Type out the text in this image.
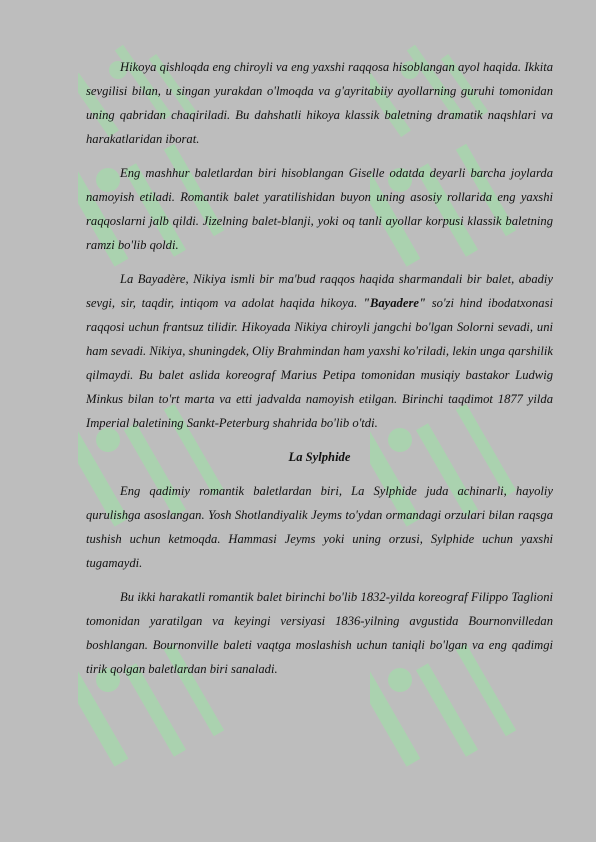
Hikoya qishloqda eng chiroyli va eng yaxshi raqqosa hisoblangan ayol haqida. Ikkita sevgilisi bilan, u singan yurakdan o'lmoqda va g'ayritabiiy ayollarning guruhi tomonidan uning qabridan chaqiriladi. Bu dahshatli hikoya klassik baletning dramatik naqshlari va harakatlaridan iborat.

Eng mashhur baletlardan biri hisoblangan Giselle odatda deyarli barcha joylarda namoyish etiladi. Romantik balet yaratilishidan buyon uning asosiy rollarida eng yaxshi raqqoslarni jalb qildi. Jizelning balet-blanji, yoki oq tanli ayollar korpusi klassik baletning ramzi bo'lib qoldi.

La Bayadère, Nikiya ismli bir ma'bud raqqos haqida sharmandali bir balet, abadiy sevgi, sir, taqdir, intiqom va adolat haqida hikoya. "Bayadere" so'zi hind ibodatxonasi raqqosi uchun frantsuz tilidir. Hikoyada Nikiya chiroyli jangchi bo'lgan Solorni sevadi, uni ham sevadi. Nikiya, shuningdek, Oliy Brahmindan ham yaxshi ko'riladi, lekin unga qarshilik qilmaydi. Bu balet aslida koreograf Marius Petipa tomonidan musiqiy bastakor Ludwig Minkus bilan to'rt marta va etti jadvalda namoyish etilgan. Birinchi taqdimot 1877 yilda Imperial baletining Sankt-Peterburg shahrida bo'lib o'tdi.

La Sylphide

Eng qadimiy romantik baletlardan biri, La Sylphide juda achinarli, hayoliy qurulishga asoslangan. Yosh Shotlandiyalik Jeyms to'ydan ormandagi orzulari bilan raqsga tushish uchun ketmoqda. Hammasi Jeyms yoki uning orzusi, Sylphide uchun yaxshi tugamaydi.

Bu ikki harakatli romantik balet birinchi bo'lib 1832-yilda koreograf Filippo Taglioni tomonidan yaratilgan va keyingi versiyasi 1836-yilning avgustida Bournonvilledan boshlangan. Bournonville baleti vaqtga moslashish uchun taniqli bo'lgan va eng qadimgi tirik qolgan baletlardan biri sanaladi.
